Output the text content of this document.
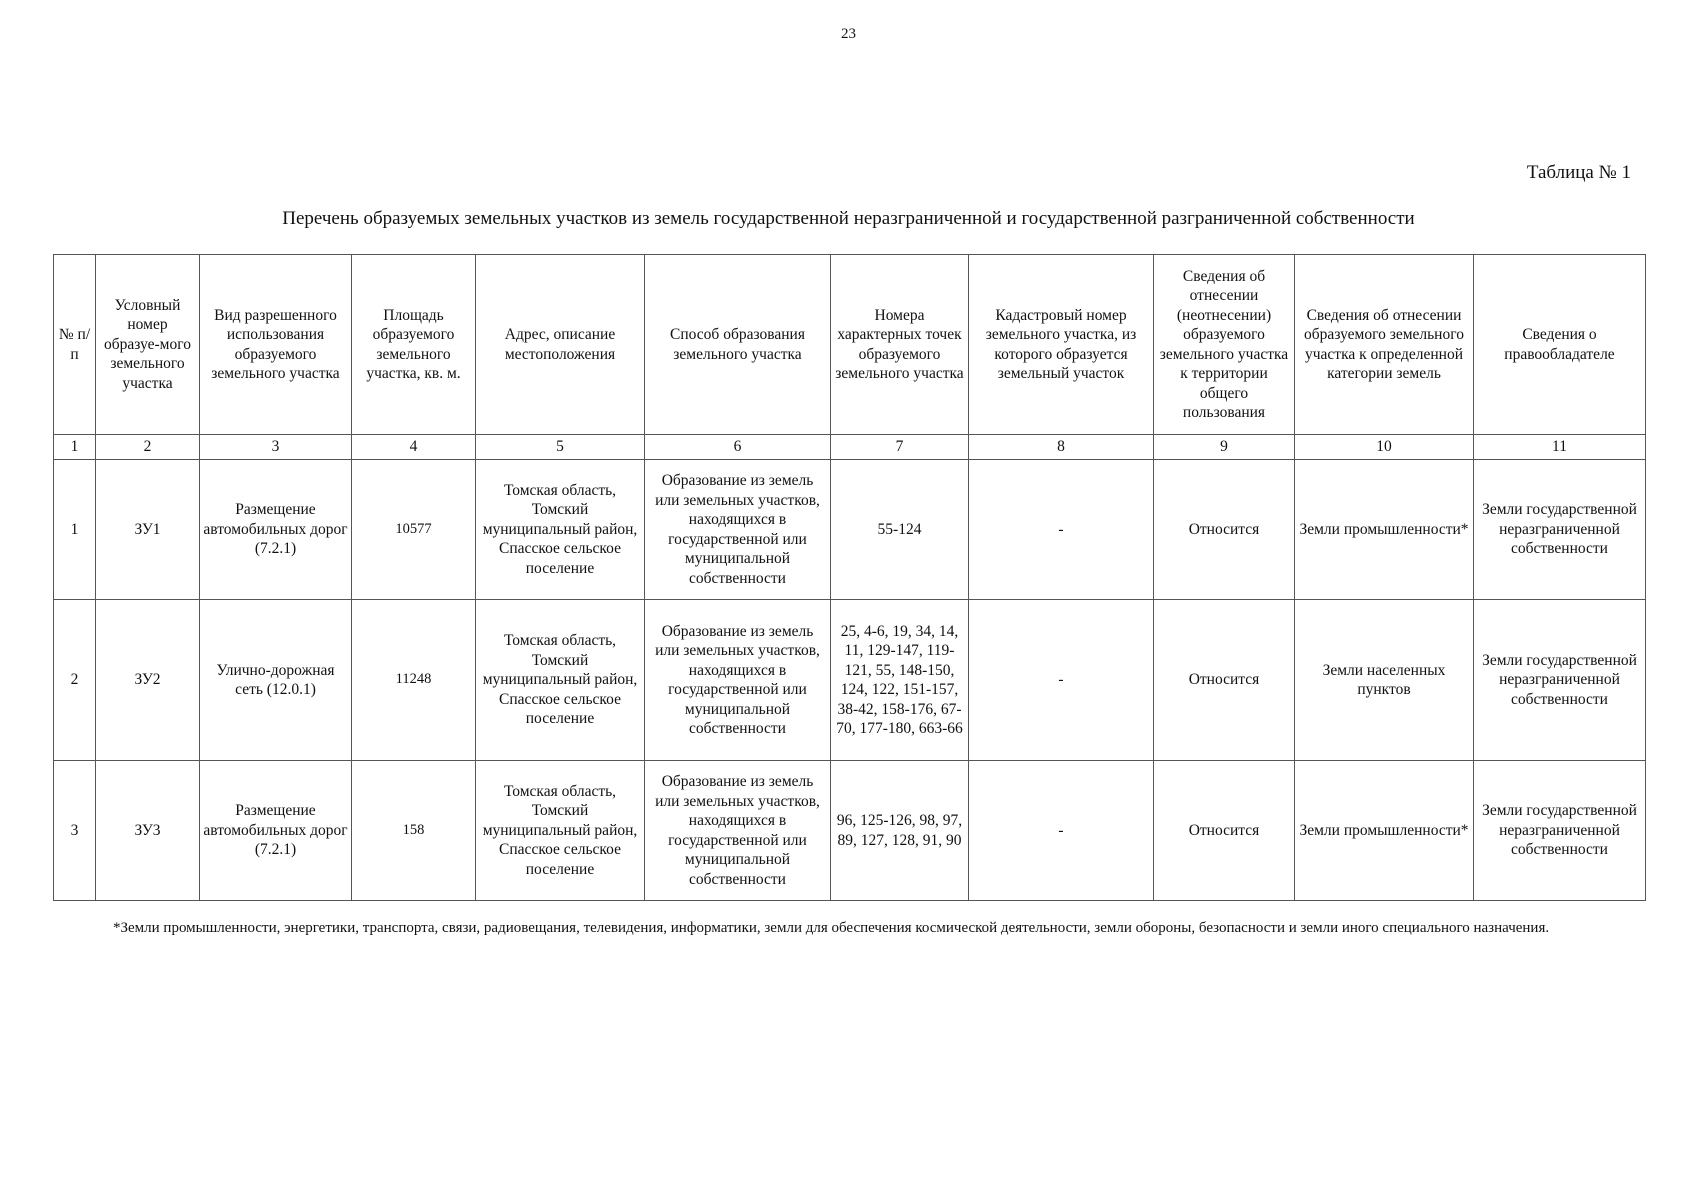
23
Таблица № 1
Перечень образуемых земельных участков из земель государственной неразграниченной и государственной разграниченной собственности
№ п/п	Условный номер образуе-мого земельного участка	Вид разрешенного использования образуемого земельного участка	Площадь образуемого земельного участка, кв. м.	Адрес, описание местоположения	Способ образования земельного участка	Номера характерных точек образуемого земельного участка	Кадастровый номер земельного участка, из которого образуется земельный участок	Сведения об отнесении (неотнесении) образуемого земельного участка к территории общего пользования	Сведения об отнесении образуемого земельного участка к определенной категории земель	Сведения о правообладателе
1	2	3	4	5	6	7	8	9	10	11
1	ЗУ1	Размещение автомобильных дорог (7.2.1)	10577	Томская область, Томский муниципальный район, Спасское сельское поселение	Образование из земель или земельных участков, находящихся в государственной или муниципальной собственности	55-124	-	Относится	Земли промышленности*	Земли государственной неразграниченной собственности
2	ЗУ2	Улично-дорожная сеть (12.0.1)	11248	Томская область, Томский муниципальный район, Спасское сельское поселение	Образование из земель или земельных участков, находящихся в государственной или муниципальной собственности	25, 4-6, 19, 34, 14, 11, 129-147, 119-121, 55, 148-150, 124, 122, 151-157, 38-42, 158-176, 67-70, 177-180, 663-66	-	Относится	Земли населенных пунктов	Земли государственной неразграниченной собственности
3	ЗУ3	Размещение автомобильных дорог (7.2.1)	158	Томская область, Томский муниципальный район, Спасское сельское поселение	Образование из земель или земельных участков, находящихся в государственной или муниципальной собственности	96, 125-126, 98, 97, 89, 127, 128, 91, 90	-	Относится	Земли промышленности*	Земли государственной неразграниченной собственности
*Земли промышленности, энергетики, транспорта, связи, радиовещания, телевидения, информатики, земли для обеспечения космической деятельности, земли обороны, безопасности и земли иного специального назначения.
